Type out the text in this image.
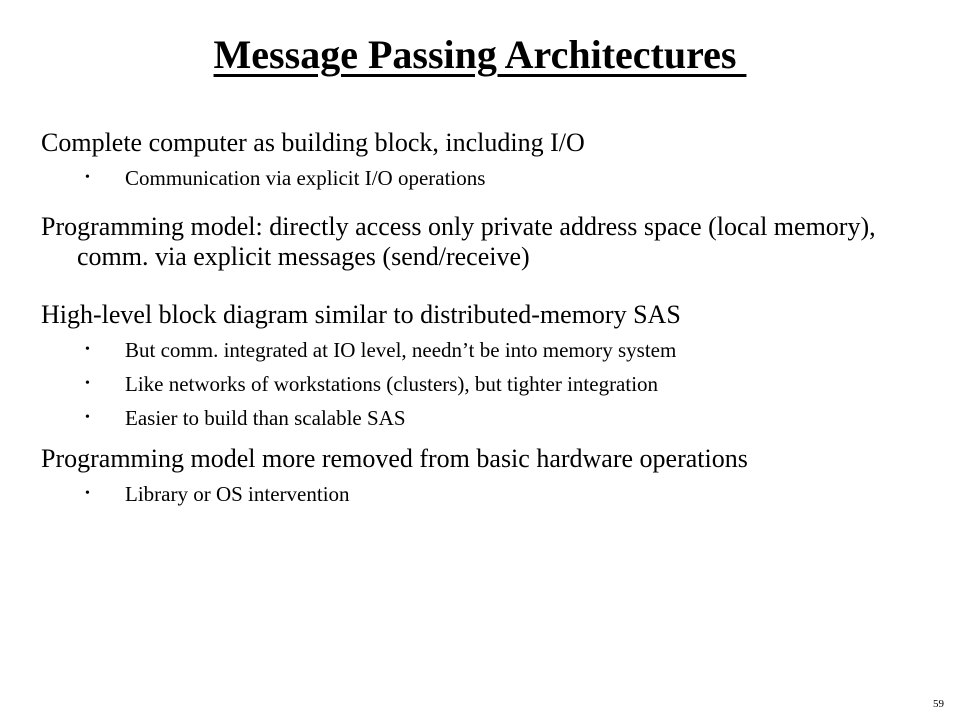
Message Passing Architectures

Complete computer as building block, including I/O

• Communication via explicit I/O operations

Programming model: directly access only private address space (local memory), comm. via explicit messages (send/receive)

High-level block diagram similar to distributed-memory SAS

• But comm. integrated at IO level, needn’t be into memory system
• Like networks of workstations (clusters), but tighter integration
• Easier to build than scalable SAS

Programming model more removed from basic hardware operations

• Library or OS intervention
59
